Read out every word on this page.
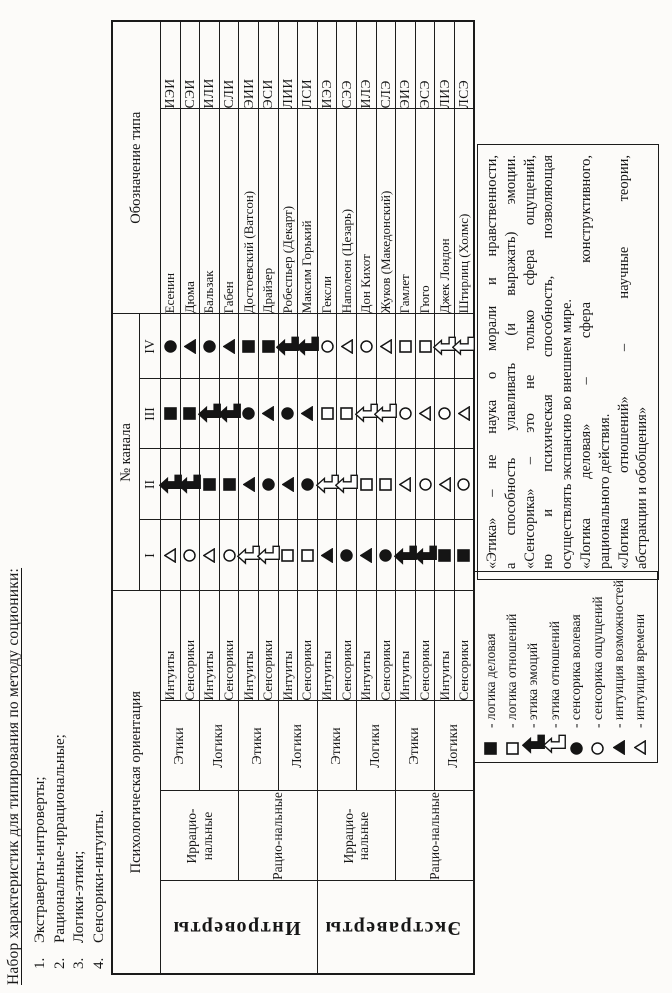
Набор характеристик для типирования по методу соционики: 1.
Экстраверты-интроверты;
2.
Рациональные-иррациональные;
3.
Логики-этики;
4.
Сенсорики-интуиты.
Психологическая ориентация				№ канала				Обозначение типа	
				I	II	III	IV		
Интроверты	Иррацио-нальные	Этики	Интуиты					Есенин	ИЭИ
			Сенсорики					Дюма	СЭИ
		Логики	Интуиты					Бальзак	ИЛИ
			Сенсорики					Габен	СЛИ
	Рацио-нальные	Этики	Интуиты					Достоевский (Ватсон)	ЭИИ
			Сенсорики					Драйзер	ЭСИ
		Логики	Интуиты					Робеспьер (Декарт)	ЛИИ
			Сенсорики					Максим Горький	ЛСИ
Экстраверты	Иррацио-нальные	Этики	Интуиты					Гексли	ИЭЭ
			Сенсорики					Наполеон (Цезарь)	СЭЭ
		Логики	Интуиты					Дон Кихот	ИЛЭ
			Сенсорики					Жуков (Македонский)	СЛЭ
	Рацио-нальные	Этики	Интуиты					Гамлет	ЭИЭ
			Сенсорики					Гюго	ЭСЭ
		Логики	Интуиты					Джек Лондон	ЛИЭ
			Сенсорики					Штирлиц (Холмс)	ЛСЭ
- логика деловая - логика отношений - этика эмоций - этика отношений - сенсорика волевая - сенсорика ощущений - интуиция возможностей - интуиция времени
«Этика» – не наука о морали и нравственности, а способность улавливать (и выражать) эмоции. «Сенсорика» – это не только сфера ощущений, но и психическая способность, позволяющая осуществлять экспансию во внешнем мире. «Логика деловая» – сфера конструктивного, рационального действия. «Логика отношений» – научные теории, абстракции и обобщения»
